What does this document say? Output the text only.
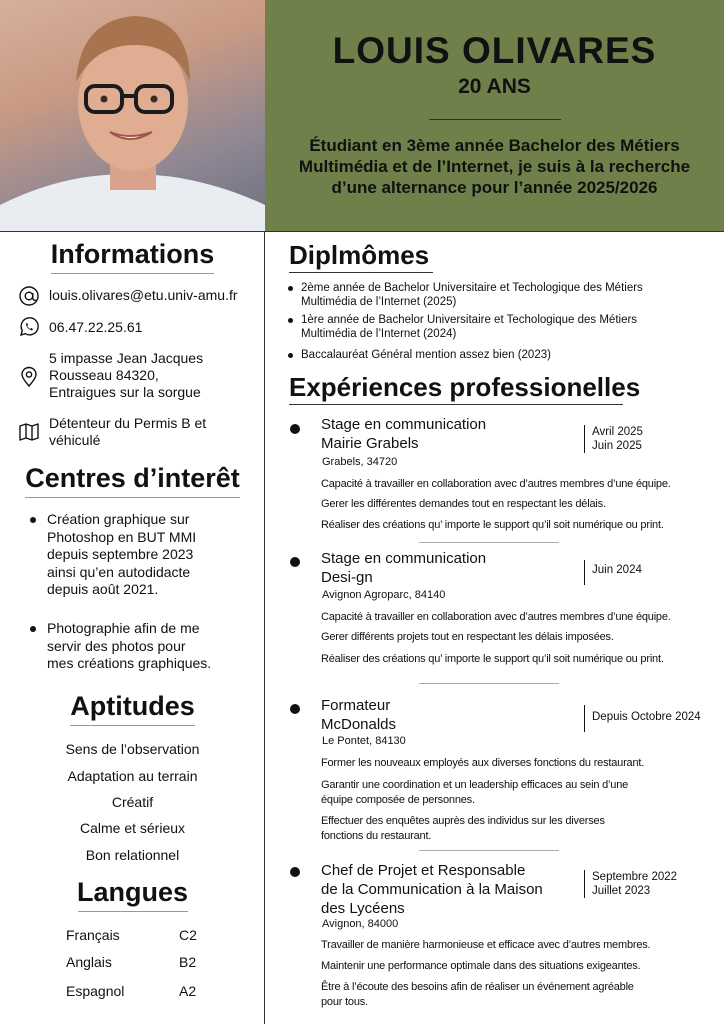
LOUIS OLIVARES
20 ANS
Étudiant en 3ème année Bachelor des Métiers Multimédia et de l’Internet, je suis à la recherche d’une alternance pour l’année 2025/2026
Informations
louis.olivares@etu.univ-amu.fr
06.47.22.25.61
5 impasse Jean Jacques
Rousseau 84320,
Entraigues sur la sorgue
Détenteur du Permis B et
véhiculé
Centres d’interêt
Création graphique sur
Photoshop en BUT MMI
depuis septembre 2023
ainsi qu’en autodidacte
depuis août 2021.
Photographie afin de me
servir des photos pour
mes créations graphiques.
Aptitudes
Sens de l’observation
Adaptation au terrain
Créatif
Calme et sérieux
Bon relationnel
Langues
Français	C2
Anglais	B2
Espagnol	A2
Diplmômes
2ème année de Bachelor Universitaire et Techologique des Métiers
Multimédia de l’Internet (2025)
1ère année de Bachelor Universitaire et Techologique des Métiers
Multimédia de l’Internet (2024)
Baccalauréat Général mention assez bien (2023)
Expériences professionelles
Stage en communication
Mairie Grabels
Grabels, 34720
Avril 2025
Juin 2025
Capacité à travailler en collaboration avec d’autres membres d’une équipe.
Gerer les différentes demandes tout en respectant les délais.
Réaliser des créations qu’ importe le support qu’il soit numérique ou print.
Stage en communication
Desi-gn
Avignon Agroparc, 84140
Juin 2024
Capacité à travailler en collaboration avec d’autres membres d’une équipe.
Gerer différents projets tout en respectant les délais imposées.
Réaliser des créations qu’ importe le support qu’il soit numérique ou print.
Formateur
McDonalds
Le Pontet, 84130
Depuis Octobre 2024
Former les nouveaux employés aux diverses fonctions du restaurant.
Garantir une coordination et un leadership efficaces au sein d’une
équipe composée de personnes.
Effectuer des enquêtes auprès des individus sur les diverses
fonctions du restaurant.
Chef de Projet et Responsable
de la Communication à la Maison
des Lycéens
Avignon, 84000
Septembre 2022
Juillet 2023
Travailler de manière harmonieuse et efficace avec d’autres membres.
Maintenir une performance optimale dans des situations exigeantes.
Être à l’écoute des besoins afin de réaliser un événement agréable
pour tous.
